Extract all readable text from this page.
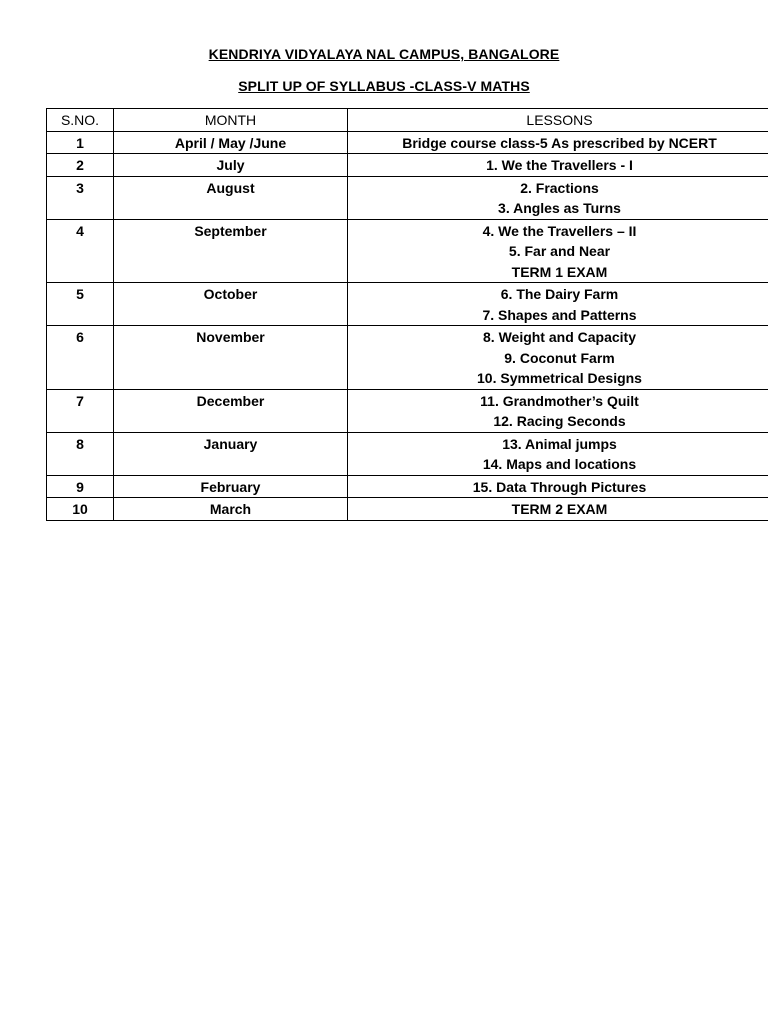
KENDRIYA VIDYALAYA NAL CAMPUS, BANGALORE
SPLIT UP OF SYLLABUS -CLASS-V MATHS
S.NO.	MONTH	LESSONS
1	April / May /June	Bridge course class-5 As prescribed by NCERT

2	July	1. We the Travellers - I

3	August	2. Fractions
3. Angles as Turns

4	September	4. We the Travellers – II
5. Far and Near
TERM 1 EXAM

5	October	6. The Dairy Farm
7. Shapes and Patterns

6	November	8. Weight and Capacity
9. Coconut Farm
10. Symmetrical Designs

7	December	11. Grandmother’s Quilt
12. Racing Seconds

8	January	13. Animal jumps
14. Maps and locations

9	February	15. Data Through Pictures

10	March	TERM 2 EXAM
